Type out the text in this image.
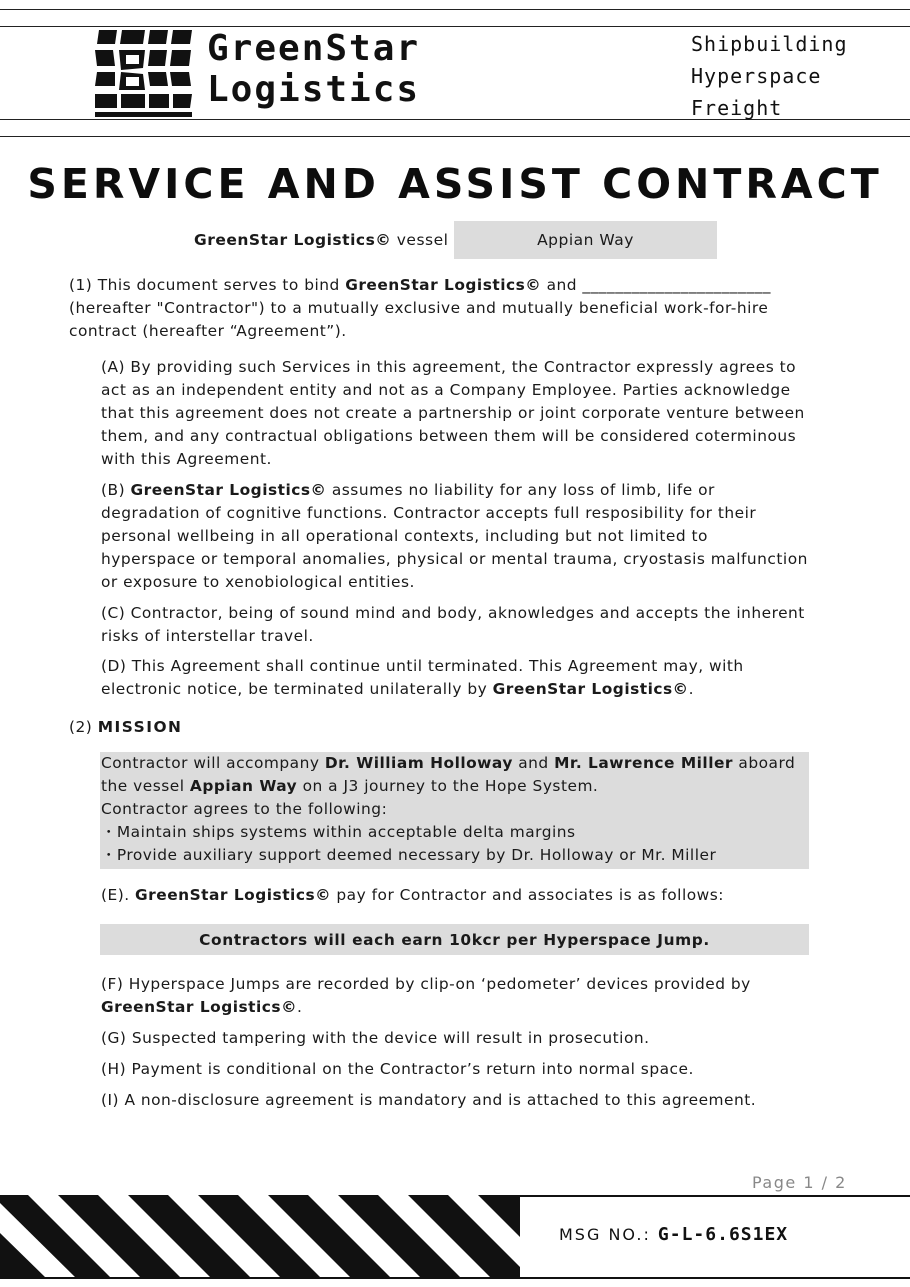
GreenStar
Logistics
Shipbuilding
Hyperspace
Freight
SERVICE AND ASSIST CONTRACT
GreenStar Logistics©
vessel	Appian Way
(1) This document serves to bind GreenStar Logistics© and _______________________
(hereafter "Contractor") to a mutually exclusive and mutually beneficial work-for-hire
contract (hereafter “Agreement”).
(A) By providing such Services in this agreement, the Contractor expressly agrees to
act as an independent entity and not as a Company Employee. Parties acknowledge
that this agreement does not create a partnership or joint corporate venture between
them, and any contractual obligations between them will be considered coterminous
with this Agreement.
(B) GreenStar Logistics© assumes no liability for any loss of limb, life or
degradation of cognitive functions. Contractor accepts full resposibility for their
personal wellbeing in all operational contexts, including but not limited to
hyperspace or temporal anomalies, physical or mental trauma, cryostasis malfunction
or exposure to xenobiological entities.
(C) Contractor, being of sound mind and body, aknowledges and accepts the inherent
risks of interstellar travel.
(D) This Agreement shall continue until terminated. This Agreement may, with
electronic notice, be terminated unilaterally by GreenStar Logistics©.
(2) MISSION
Contractor will accompany Dr. William Holloway and Mr. Lawrence Miller aboard
the vessel Appian Way on a J3 journey to the Hope System.
Contractor agrees to the following:
・Maintain ships systems within acceptable delta margins
・Provide auxiliary support deemed necessary by Dr. Holloway or Mr. Miller
(E). GreenStar Logistics© pay for Contractor and associates is as follows:
Contractors will each earn 10kcr per Hyperspace Jump.
(F) Hyperspace Jumps are recorded by clip-on ‘pedometer’ devices provided by
GreenStar Logistics©.
(G) Suspected tampering with the device will result in prosecution.
(H) Payment is conditional on the Contractor’s return into normal space.
(I) A non-disclosure agreement is mandatory and is attached to this agreement.
Page 1 / 2
MSG NO.: G-L-6.6S1EX
